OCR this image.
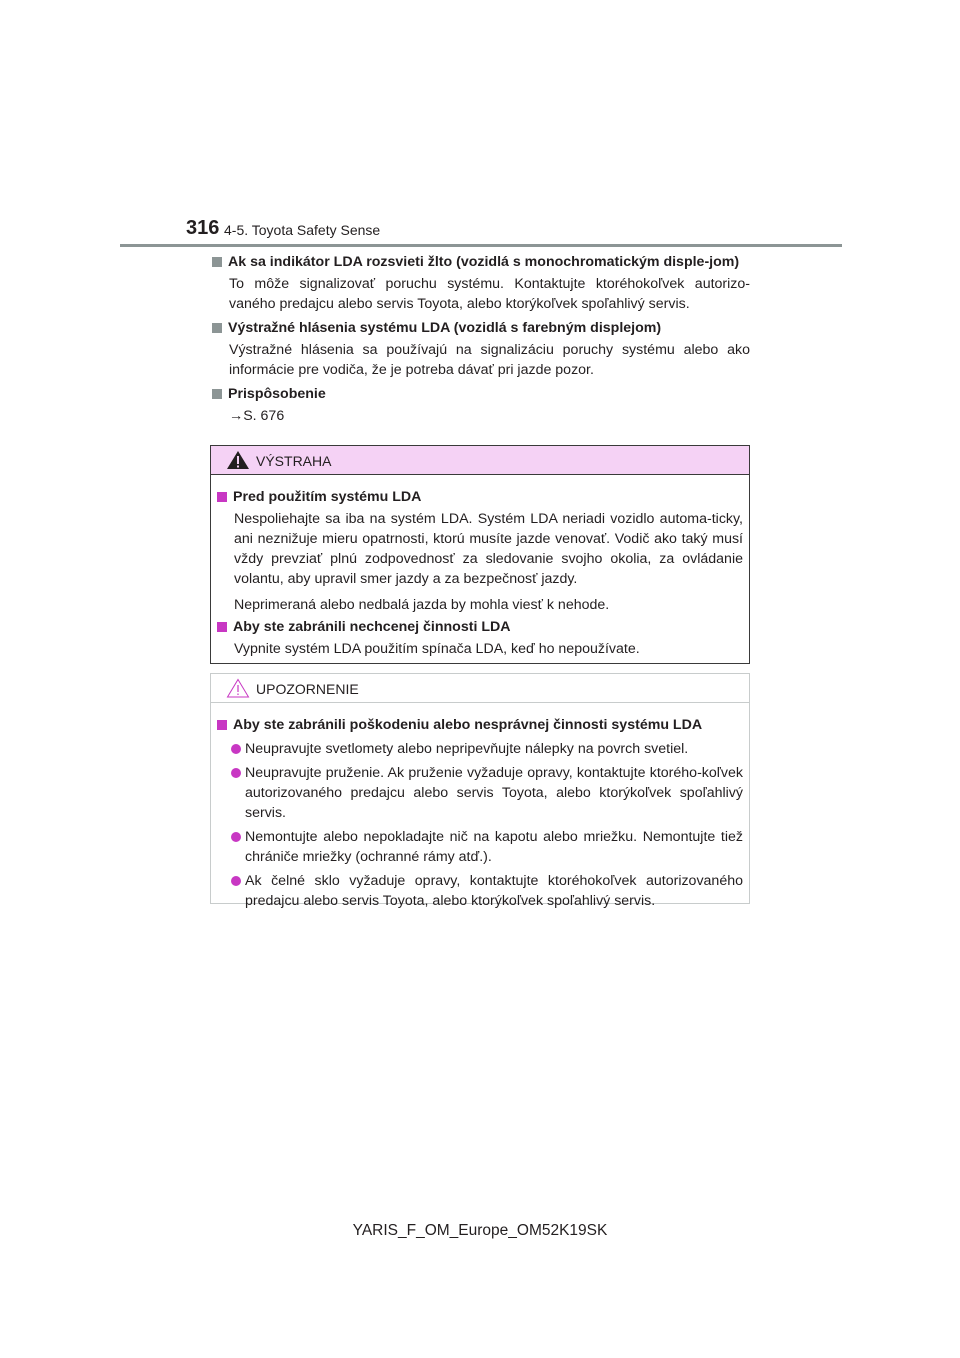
316 4-5. Toyota Safety Sense
Ak sa indikátor LDA rozsvieti žlto (vozidlá s monochromatickým disple-jom)
To môže signalizovať poruchu systému. Kontaktujte ktoréhokoľvek autorizo-vaného predajcu alebo servis Toyota, alebo ktorýkoľvek spoľahlivý servis.
Výstražné hlásenia systému LDA (vozidlá s farebným displejom)
Výstražné hlásenia sa používajú na signalizáciu poruchy systému alebo ako informácie pre vodiča, že je potreba dávať pri jazde pozor.
Prispôsobenie
→S. 676
VÝSTRAHA
Pred použitím systému LDA
Nespoliehajte sa iba na systém LDA. Systém LDA neriadi vozidlo automa-ticky, ani neznižuje mieru opatrnosti, ktorú musíte jazde venovať. Vodič ako taký musí vždy prevziať plnú zodpovednosť za sledovanie svojho okolia, za ovládanie volantu, aby upravil smer jazdy a za bezpečnosť jazdy.
Neprimeraná alebo nedbalá jazda by mohla viesť k nehode.
Aby ste zabránili nechcenej činnosti LDA
Vypnite systém LDA použitím spínača LDA, keď ho nepoužívate.
UPOZORNENIE
Aby ste zabránili poškodeniu alebo nesprávnej činnosti systému LDA
Neupravujte svetlomety alebo nepripevňujte nálepky na povrch svetiel.
Neupravujte pruženie. Ak pruženie vyžaduje opravy, kontaktujte ktorého-koľvek autorizovaného predajcu alebo servis Toyota, alebo ktorýkoľvek spoľahlivý servis.
Nemontujte alebo nepokladajte nič na kapotu alebo mriežku. Nemontujte tiež chrániče mriežky (ochranné rámy atď.).
Ak čelné sklo vyžaduje opravy, kontaktujte ktoréhokoľvek autorizovaného predajcu alebo servis Toyota, alebo ktorýkoľvek spoľahlivý servis.
YARIS_F_OM_Europe_OM52K19SK
